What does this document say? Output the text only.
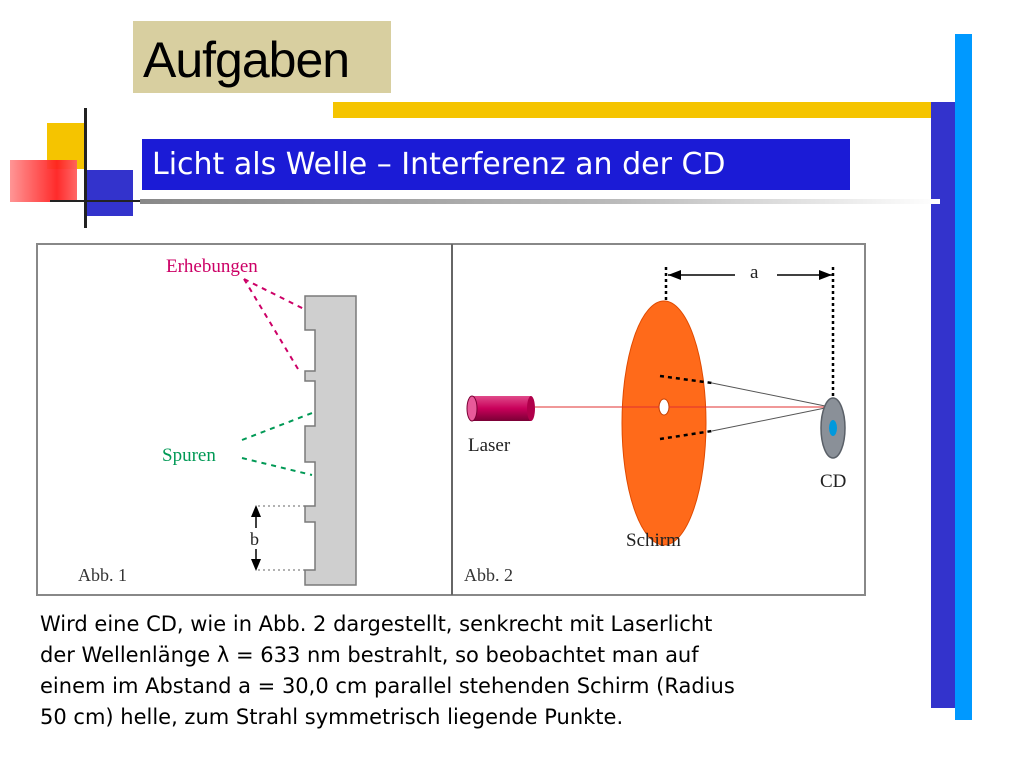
Aufgaben
Licht als Welle – Interferenz an der CD
Erhebungen
Spuren
b
Abb. 1
a
Laser
CD
Schirm
Abb. 2
Wird eine CD, wie in Abb. 2 dargestellt, senkrecht mit Laserlicht
der Wellenlänge λ = 633 nm bestrahlt, so beobachtet man auf
einem im Abstand a = 30,0 cm parallel stehenden Schirm (Radius
50 cm) helle, zum Strahl symmetrisch liegende Punkte.
